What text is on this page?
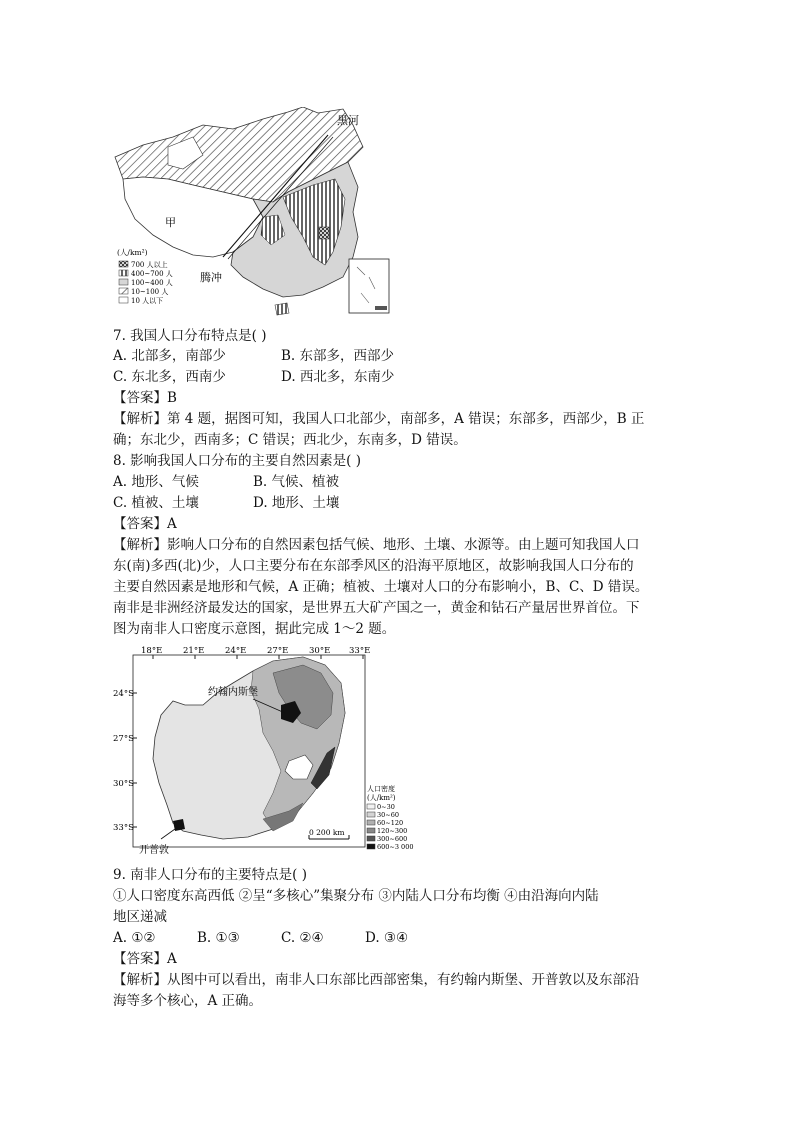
黑河
甲
腾冲
(人/km²)
700 人以上
400~700 人
100~400 人
10~100 人
10 人以下
7. 我国人口分布特点是( )
A. 北部多，南部少	B. 东部多，西部少
C. 东北多，西南少	D. 西北多，东南少
【答案】B
【解析】第 4 题，据图可知，我国人口北部少，南部多，A 错误；东部多，西部少，B 正
确；东北少，西南多；C 错误；西北少，东南多，D 错误。
8. 影响我国人口分布的主要自然因素是( )
A. 地形、气候	B. 气候、植被
C. 植被、土壤	D. 地形、土壤
【答案】A
【解析】影响人口分布的自然因素包括气候、地形、土壤、水源等。由上题可知我国人口
东(南)多西(北)少，人口主要分布在东部季风区的沿海平原地区，故影响我国人口分布的
主要自然因素是地形和气候，A 正确；植被、土壤对人口的分布影响小，B、C、D 错误。
南非是非洲经济最发达的国家，是世界五大矿产国之一，黄金和钻石产量居世界首位。下
图为南非人口密度示意图，据此完成 1～2 题。
18°E 21°E 24°E 27°E 30°E 33°E
24°S
27°S
30°S
33°S
约翰内斯堡
开普敦
0 200 km
人口密度
(人/km²)
0~30
30~60
60~120
120~300
300~600
600~3 000
9. 南非人口分布的主要特点是( )
①人口密度东高西低 ②呈“多核心”集聚分布 ③内陆人口分布均衡 ④由沿海向内陆
地区递减
A. ①②	B. ①③	C. ②④	D. ③④
【答案】A
【解析】从图中可以看出，南非人口东部比西部密集，有约翰内斯堡、开普敦以及东部沿
海等多个核心，A 正确。
